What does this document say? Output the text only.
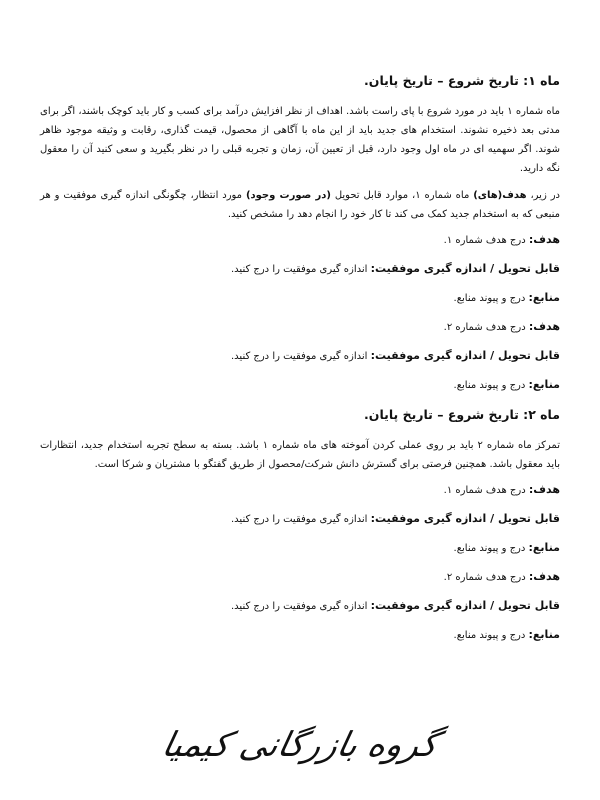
ماه ۱: تاریخ شروع – تاریخ پایان.
ماه شماره ۱ باید در مورد شروع با پای راست باشد. اهداف از نظر افزایش درآمد برای کسب و کار باید کوچک باشند، اگر برای مدتی بعد ذخیره نشوند. استخدام های جدید باید از این ماه با آگاهی از محصول، قیمت گذاری، رقابت و وثیقه موجود ظاهر شوند. اگر سهمیه ای در ماه اول وجود دارد، قبل از تعیین آن، زمان و تجربه قبلی را در نظر بگیرید و سعی کنید آن را معقول نگه دارید.
در زیر، هدف(های) ماه شماره ۱، موارد قابل تحویل (در صورت وجود) مورد انتظار، چگونگی اندازه گیری موفقیت و هر منبعی که به استخدام جدید کمک می کند تا کار خود را انجام دهد را مشخص کنید.
هدف: درج هدف شماره ۱.
قابل تحویل / اندازه گیری موفقیت: اندازه گیری موفقیت را درج کنید.
منابع: درج و پیوند منابع.
هدف: درج هدف شماره ۲.
قابل تحویل / اندازه گیری موفقیت: اندازه گیری موفقیت را درج کنید.
منابع: درج و پیوند منابع.
ماه ۲: تاریخ شروع – تاریخ پایان.
تمرکز ماه شماره ۲ باید بر روی عملی کردن آموخته های ماه شماره ۱ باشد. بسته به سطح تجربه استخدام جدید، انتظارات باید معقول باشد. همچنین فرصتی برای گسترش دانش شرکت/محصول از طریق گفتگو با مشتریان و شرکا است.
هدف: درج هدف شماره ۱.
قابل تحویل / اندازه گیری موفقیت: اندازه گیری موفقیت را درج کنید.
منابع: درج و پیوند منابع.
هدف: درج هدف شماره ۲.
قابل تحویل / اندازه گیری موفقیت: اندازه گیری موفقیت را درج کنید.
منابع: درج و پیوند منابع.
گروه بازرگانی کیمیا
